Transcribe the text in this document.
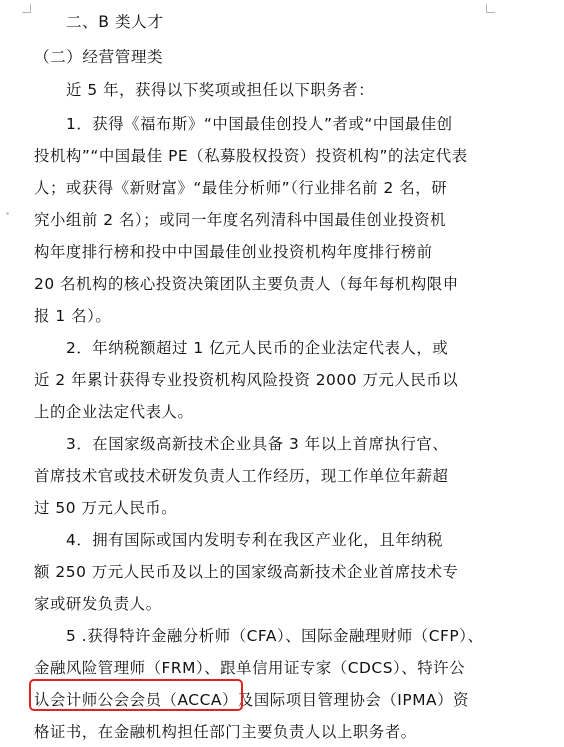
二、B 类人才
（二）经营管理类
近 5 年，获得以下奖项或担任以下职务者：
1．获得《福布斯》“中国最佳创投人”者或“中国最佳创
投机构”“中国最佳 PE（私募股权投资）投资机构”的法定代表
人；或获得《新财富》“最佳分析师”（行业排名前 2 名，研
究小组前 2 名）；或同一年度名列清科中国最佳创业投资机
构年度排行榜和投中中国最佳创业投资机构年度排行榜前
20 名机构的核心投资决策团队主要负责人（每年每机构限申
报 1 名）。
2．年纳税额超过 1 亿元人民币的企业法定代表人，或
近 2 年累计获得专业投资机构风险投资 2000 万元人民币以
上的企业法定代表人。
3．在国家级高新技术企业具备 3 年以上首席执行官、
首席技术官或技术研发负责人工作经历，现工作单位年薪超
过 50 万元人民币。
4．拥有国际或国内发明专利在我区产业化，且年纳税
额 250 万元人民币及以上的国家级高新技术企业首席技术专
家或研发负责人。
5 .获得特许金融分析师（CFA）、国际金融理财师（CFP）、
金融风险管理师（FRM）、跟单信用证专家（CDCS）、特许公
认会计师公会会员（ACCA）及国际项目管理协会（IPMA）资
格证书，在金融机构担任部门主要负责人以上职务者。
